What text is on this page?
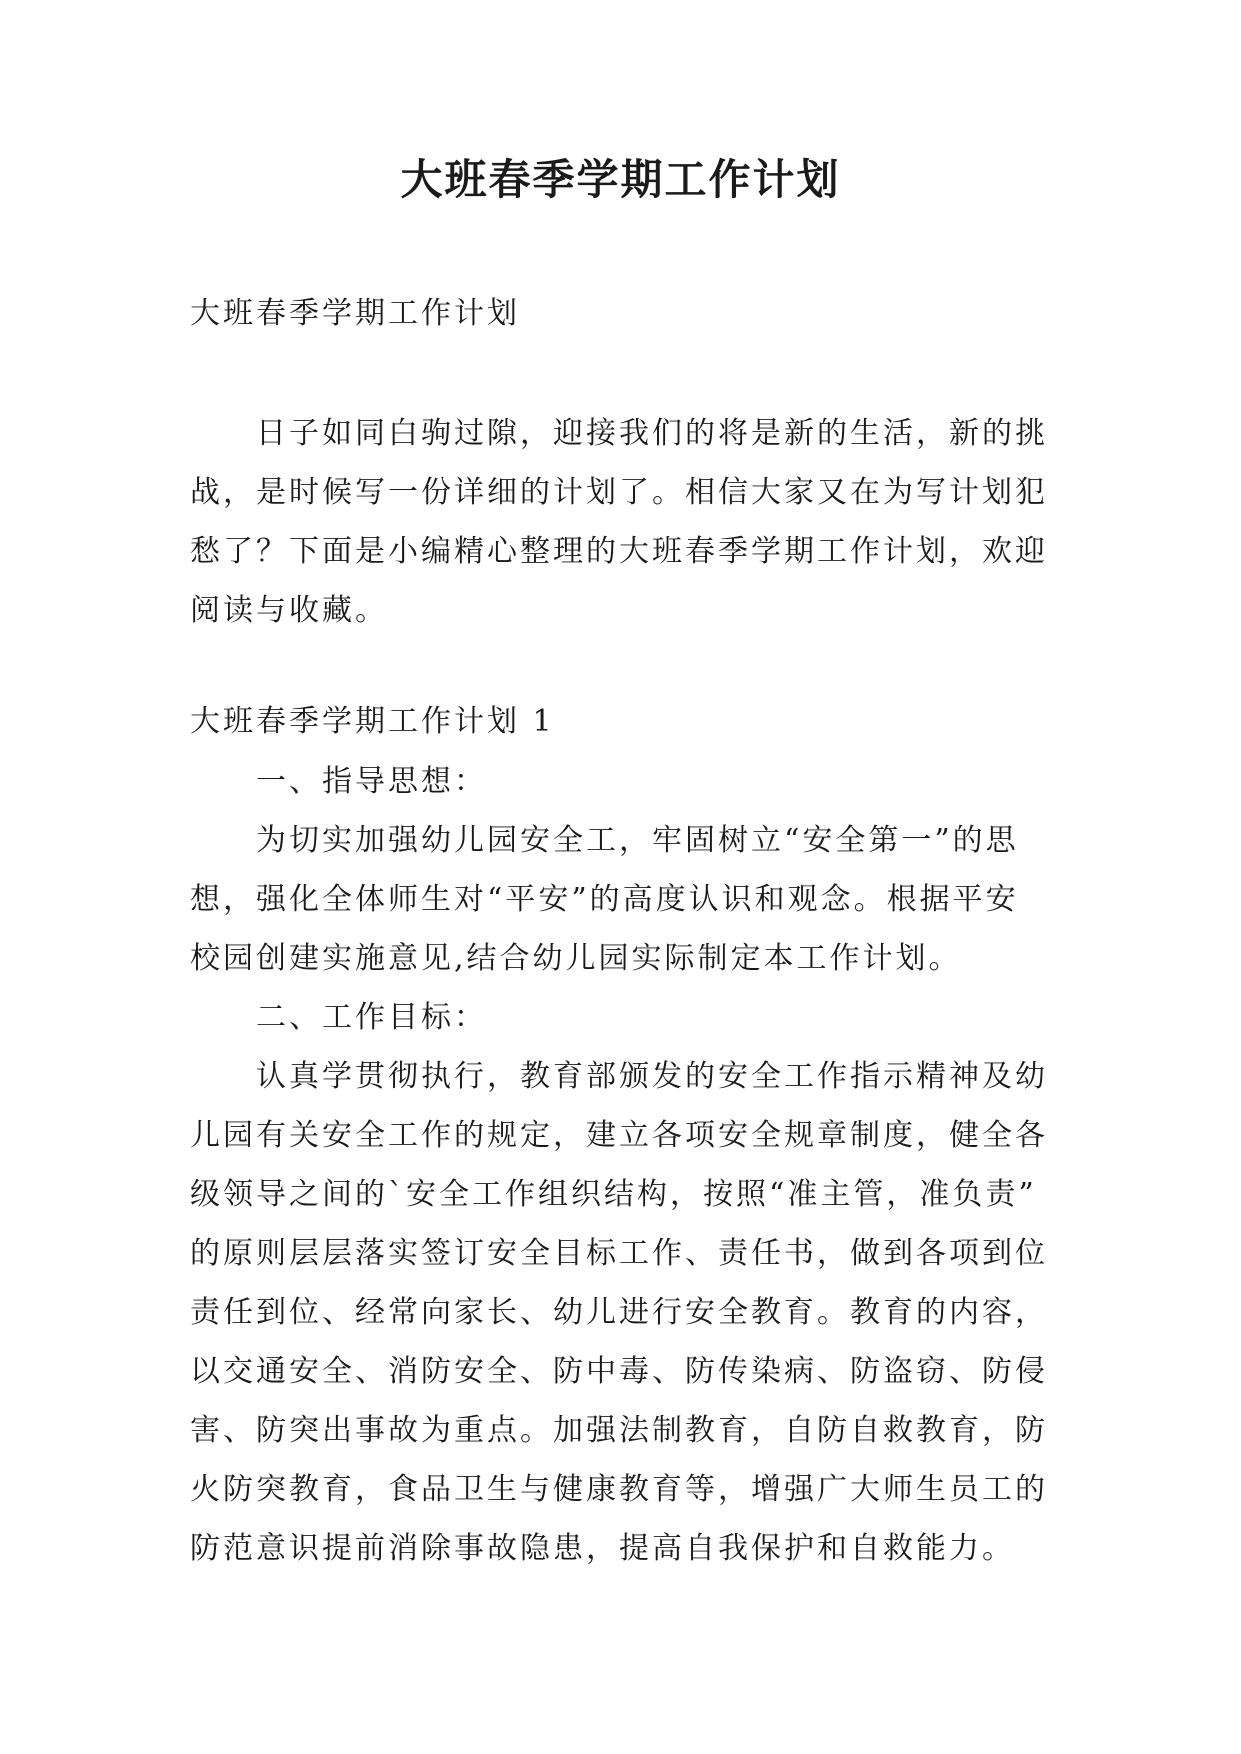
大班春季学期工作计划
大班春季学期工作计划

日子如同白驹过隙，迎接我们的将是新的生活，新的挑
战，是时候写一份详细的计划了。相信大家又在为写计划犯
愁了？下面是小编精心整理的大班春季学期工作计划，欢迎
阅读与收藏。

大班春季学期工作计划 1

一、指导思想：

为切实加强幼儿园安全工，牢固树立“安全第一”的思
想，强化全体师生对“平安”的高度认识和观念。根据平安
校园创建实施意见,结合幼儿园实际制定本工作计划。

二、工作目标：

认真学贯彻执行，教育部颁发的安全工作指示精神及幼
儿园有关安全工作的规定，建立各项安全规章制度，健全各
级领导之间的`安全工作组织结构，按照“准主管，准负责”
的原则层层落实签订安全目标工作、责任书，做到各项到位
责任到位、经常向家长、幼儿进行安全教育。教育的内容，
以交通安全、消防安全、防中毒、防传染病、防盗窃、防侵
害、防突出事故为重点。加强法制教育，自防自救教育，防
火防突教育，食品卫生与健康教育等，增强广大师生员工的
防范意识提前消除事故隐患，提高自我保护和自救能力。
